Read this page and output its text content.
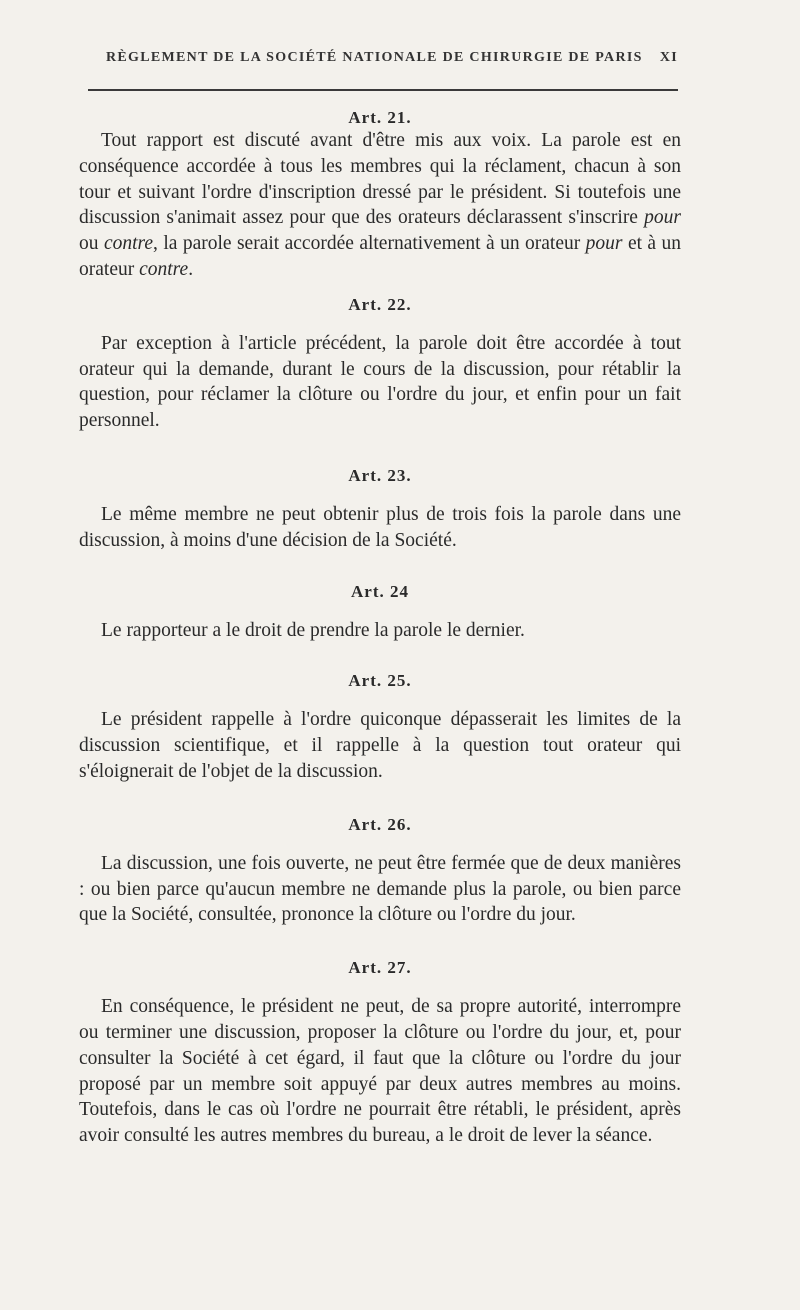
RÈGLEMENT DE LA SOCIÉTÉ NATIONALE DE CHIRURGIE DE PARIS XI
Art. 21.

Tout rapport est discuté avant d'être mis aux voix. La parole est en conséquence accordée à tous les membres qui la réclament, chacun à son tour et suivant l'ordre d'inscription dressé par le président. Si toutefois une discussion s'animait assez pour que des orateurs déclarassent s'inscrire pour ou contre, la parole serait accordée alternativement à un orateur pour et à un orateur contre.

Art. 22.

Par exception à l'article précédent, la parole doit être accordée à tout orateur qui la demande, durant le cours de la discussion, pour rétablir la question, pour réclamer la clôture ou l'ordre du jour, et enfin pour un fait personnel.

Art. 23.

Le même membre ne peut obtenir plus de trois fois la parole dans une discussion, à moins d'une décision de la Société.

Art. 24

Le rapporteur a le droit de prendre la parole le dernier.

Art. 25.

Le président rappelle à l'ordre quiconque dépasserait les limites de la discussion scientifique, et il rappelle à la question tout orateur qui s'éloignerait de l'objet de la discussion.

Art. 26.

La discussion, une fois ouverte, ne peut être fermée que de deux manières : ou bien parce qu'aucun membre ne demande plus la parole, ou bien parce que la Société, consultée, prononce la clôture ou l'ordre du jour.

Art. 27.

En conséquence, le président ne peut, de sa propre autorité, interrompre ou terminer une discussion, proposer la clôture ou l'ordre du jour, et, pour consulter la Société à cet égard, il faut que la clôture ou l'ordre du jour proposé par un membre soit appuyé par deux autres membres au moins. Toutefois, dans le cas où l'ordre ne pourrait être rétabli, le président, après avoir consulté les autres membres du bureau, a le droit de lever la séance.
